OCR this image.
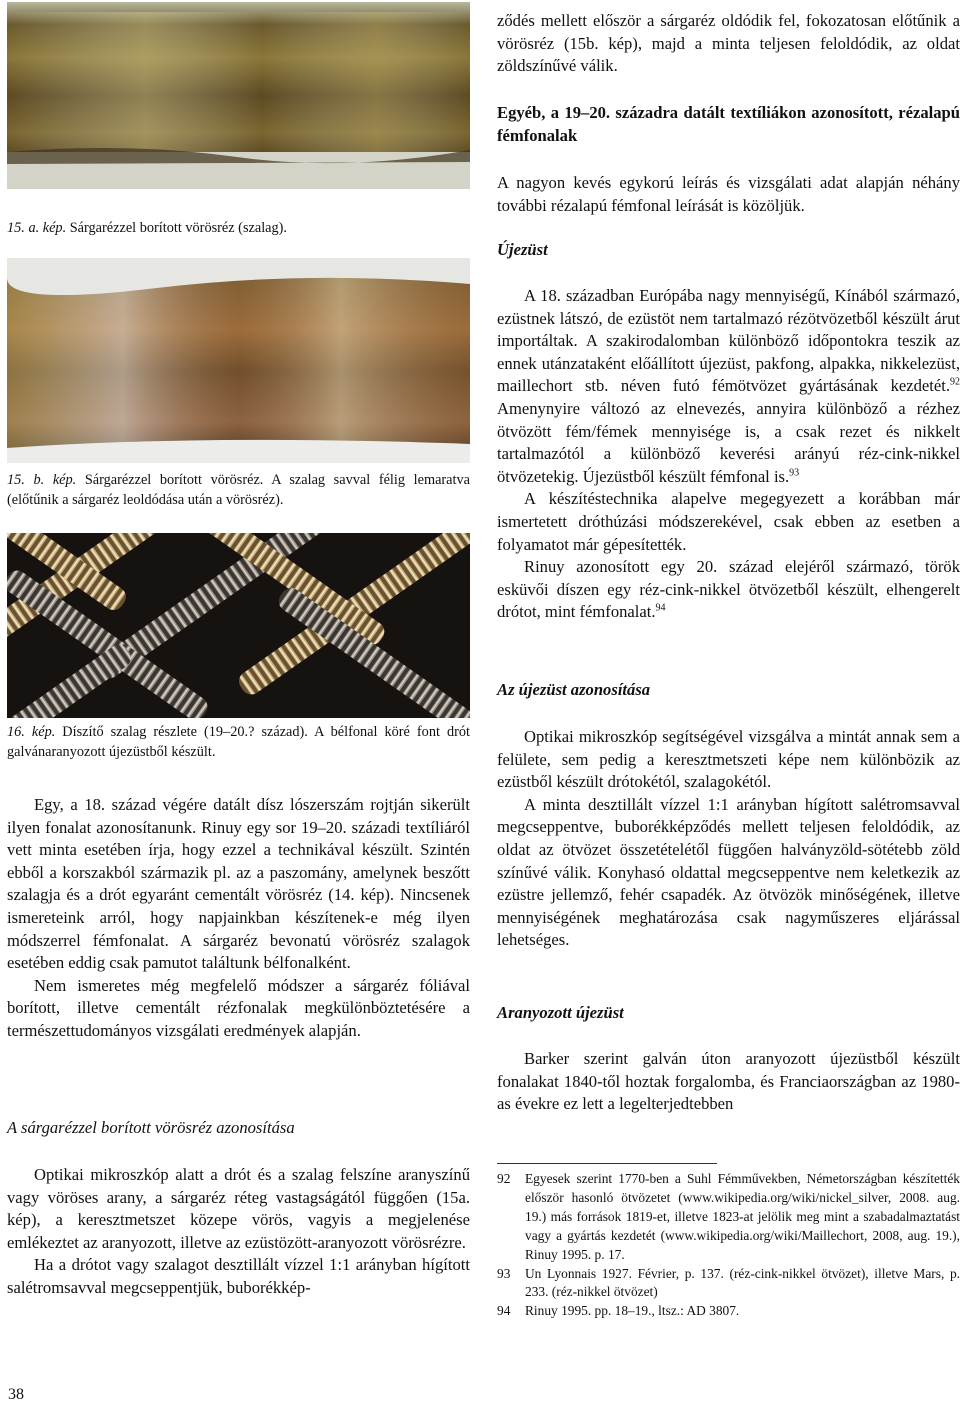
15. a. kép. Sárgarézzel borított vörösréz (szalag).

15. b. kép. Sárgarézzel borított vörösréz. A szalag savval félig lemaratva (előtűnik a sárgaréz leoldódása után a vörösréz).

16. kép. Díszítő szalag részlete (19–20.? század). A bélfonal köré font drót galvánaranyozott újezüstből készült.

Egy, a 18. század végére datált dísz lószerszám rojtján sikerült ilyen fonalat azonosítanunk. Rinuy egy sor 19–20. századi textíliáról vett minta esetében írja, hogy ezzel a technikával készült. Szintén ebből a korszakból származik pl. az a paszomány, amelynek beszőtt szalagja és a drót egyaránt cementált vörösréz (14. kép). Nincsenek ismereteink arról, hogy napjainkban készítenek-e még ilyen módszerrel fémfonalat. A sárgaréz bevonatú vörösréz szalagok esetében eddig csak pamutot találtunk bélfonalként.

Nem ismeretes még megfelelő módszer a sárgaréz fóliával borított, illetve cementált rézfonalak megkülönböztetésére a természettudományos vizsgálati eredmények alapján.

A sárgarézzel borított vörösréz azonosítása

Optikai mikroszkóp alatt a drót és a szalag felszíne aranyszínű vagy vöröses arany, a sárgaréz réteg vastagságától függően (15a. kép), a keresztmetszet közepe vörös, vagyis a megjelenése emlékeztet az aranyozott, illetve az ezüstözött-aranyozott vörösrézre.

Ha a drótot vagy szalagot desztillált vízzel 1:1 arányban hígított salétromsavval megcseppentjük, buborékkép-

ződés mellett először a sárgaréz oldódik fel, fokozatosan előtűnik a vörösréz (15b. kép), majd a minta teljesen feloldódik, az oldat zöldszínűvé válik.

Egyéb, a 19–20. századra datált textíliákon azonosított, rézalapú fémfonalak

A nagyon kevés egykorú leírás és vizsgálati adat alapján néhány további rézalapú fémfonal leírását is közöljük.

Újezüst

A 18. században Európába nagy mennyiségű, Kínából származó, ezüstnek látszó, de ezüstöt nem tartalmazó rézötvözetből készült árut importáltak. A szakirodalomban különböző időpontokra teszik az ennek utánzataként előállított újezüst, pakfong, alpakka, nikkelezüst, maillechort stb. néven futó fémötvözet gyártásának kezdetét.$^{92}$ Amenynyire változó az elnevezés, annyira különböző a rézhez ötvözött fém/fémek mennyisége is, a csak rezet és nikkelt tartalmazótól a különböző keverési arányú réz-cink-nikkel ötvözetekig. Újezüstből készült fémfonal is.$^{93}$

A készítéstechnika alapelve megegyezett a korábban már ismertetett dróthúzási módszerekével, csak ebben az esetben a folyamatot már gépesítették.

Rinuy azonosított egy 20. század elejéről származó, török esküvői díszen egy réz-cink-nikkel ötvözetből készült, elhengerelt drótot, mint fémfonalat.$^{94}$

Az újezüst azonosítása

Optikai mikroszkóp segítségével vizsgálva a mintát annak sem a felülete, sem pedig a keresztmetszeti képe nem különbözik az ezüstből készült drótokétól, szalagokétól.

A minta desztillált vízzel 1:1 arányban hígított salétromsavval megcseppentve, buborékképződés mellett teljesen feloldódik, az oldat az ötvözet összetételétől függően halványzöld-sötétebb zöld színűvé válik. Konyhasó oldattal megcseppentve nem keletkezik az ezüstre jellemző, fehér csapadék. Az ötvözök minőségének, illetve mennyiségének meghatározása csak nagyműszeres eljárással lehetséges.

Aranyozott újezüst

Barker szerint galván úton aranyozott újezüstből készült fonalakat 1840-től hoztak forgalomba, és Franciaországban az 1980-as évekre ez lett a legelterjedtebben

92 Egyesek szerint 1770-ben a Suhl Fémművekben, Németországban készítették először hasonló ötvözetet (www.wikipedia.org/wiki/nickel_silver, 2008. aug. 19.) más források 1819-et, illetve 1823-at jelölik meg mint a szabadalmaztatást vagy a gyártás kezdetét (www.wikipedia.org/wiki/Maillechort, 2008, aug. 19.), Rinuy 1995. p. 17.

93 Un Lyonnais 1927. Février, p. 137. (réz-cink-nikkel ötvözet), illetve Mars, p. 233. (réz-nikkel ötvözet)

94 Rinuy 1995. pp. 18–19., ltsz.: AD 3807.

38
